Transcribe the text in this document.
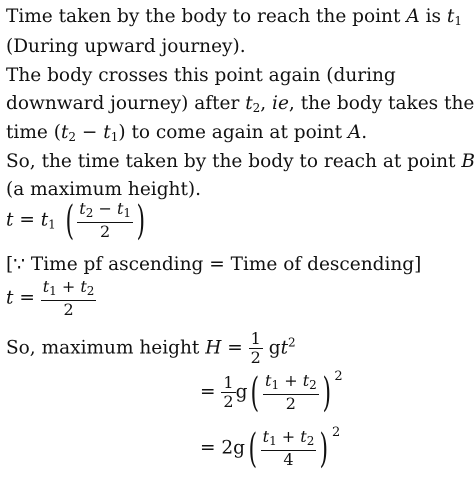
Time taken by the body to reach the point A is $t_1$
(During upward journey).
The body crosses this point again (during
downward journey) after $t_2$, ie, the body takes the
time $(t_2 - t_1)$ to come again at point A.
So, the time taken by the body to reach at point B
(a maximum height).
$t = t_1$ ( $\frac{t_2 - t_1}{2}$ )
[∵ Time pf ascending = Time of descending]
$t = \frac{t_1 + t_2}{2}$
So, maximum height $H = \frac{1}{2} gt^2$
= $\frac{1}{2} g( \frac{t_1 + t_2}{2}$ ) $^2$
= $2g( \frac{t_1 + t_2}{4}$ ) $^2$
